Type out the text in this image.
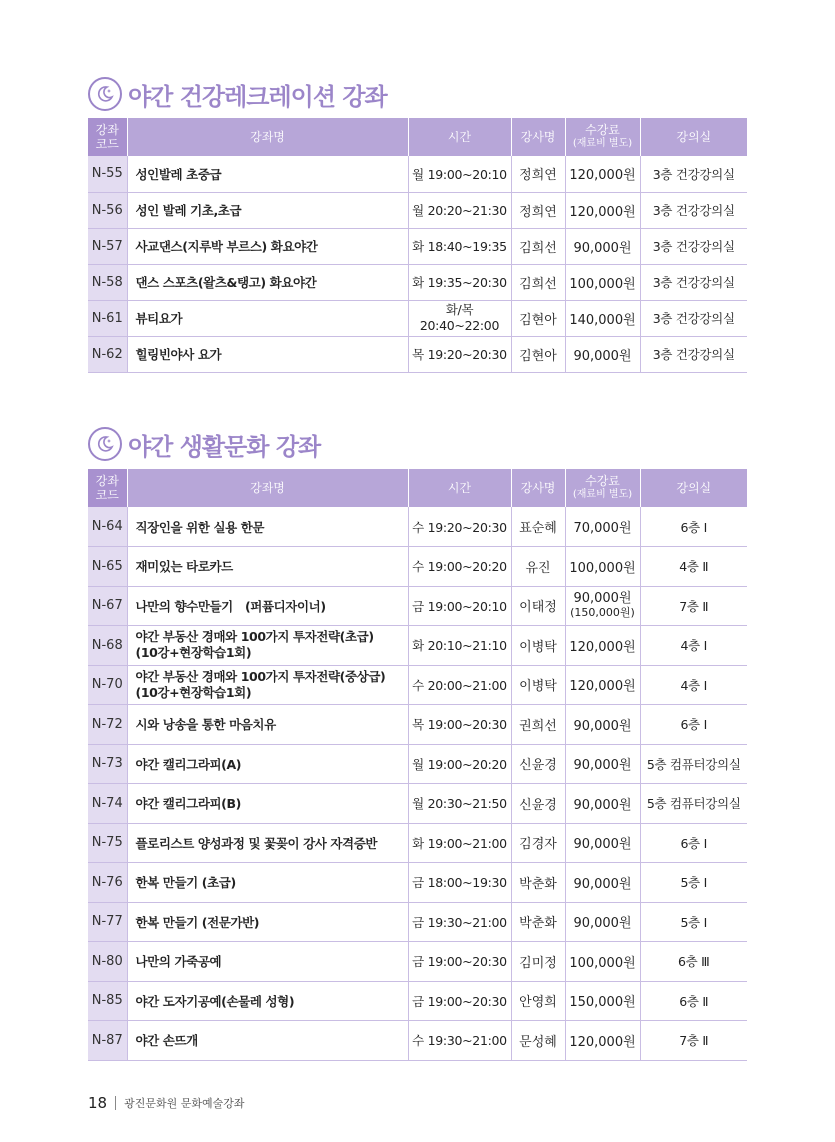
야간 건강레크레이션 강좌
강좌 코드	강좌명	시간	강사명	수강료
(재료비 별도)	강의실
N-55	성인발레 초중급	월 19:00~20:10	정희연	120,000원	3층 건강강의실
N-56	성인 발레 기초,초급	월 20:20~21:30	정희연	120,000원	3층 건강강의실
N-57	사교댄스(지루박 부르스) 화요야간	화 18:40~19:35	김희선	90,000원	3층 건강강의실
N-58	댄스 스포츠(왈츠&탱고) 화요야간	화 19:35~20:30	김희선	100,000원	3층 건강강의실
N-61	뷰티요가	화/목
20:40~22:00	김현아	140,000원	3층 건강강의실
N-62	힐링빈야사 요가	목 19:20~20:30	김현아	90,000원	3층 건강강의실
야간 생활문화 강좌
강좌 코드	강좌명	시간	강사명	수강료
(재료비 별도)	강의실
N-64	직장인을 위한 실용 한문	수 19:20~20:30	표순혜	70,000원	6층 Ⅰ
N-65	재미있는 타로카드	수 19:00~20:20	유진	100,000원	4층 Ⅱ
N-67	나만의 향수만들기　(퍼퓸디자이너)	금 19:00~20:10	이태정	90,000원
(150,000원)	7층 Ⅱ
N-68	야간 부동산 경매와 100가지 투자전략(초급)
(10강+현장학습1회)	화 20:10~21:10	이병탁	120,000원	4층 Ⅰ
N-70	야간 부동산 경매와 100가지 투자전략(중상급)
(10강+현장학습1회)	수 20:00~21:00	이병탁	120,000원	4층 Ⅰ
N-72	시와 낭송을 통한 마음치유	목 19:00~20:30	권희선	90,000원	6층 Ⅰ
N-73	야간 캘리그라피(A)	월 19:00~20:20	신윤경	90,000원	5층 컴퓨터강의실
N-74	야간 캘리그라피(B)	월 20:30~21:50	신윤경	90,000원	5층 컴퓨터강의실
N-75	플로리스트 양성과정 및 꽃꽂이 강사 자격증반	화 19:00~21:00	김경자	90,000원	6층 Ⅰ
N-76	한복 만들기 (초급)	금 18:00~19:30	박춘화	90,000원	5층 Ⅰ
N-77	한복 만들기 (전문가반)	금 19:30~21:00	박춘화	90,000원	5층 Ⅰ
N-80	나만의 가죽공예	금 19:00~20:30	김미정	100,000원	6층 Ⅲ
N-85	야간 도자기공예(손물레 성형)	금 19:00~20:30	안영희	150,000원	6층 Ⅱ
N-87	야간 손뜨개	수 19:30~21:00	문성혜	120,000원	7층 Ⅱ
18 광진문화원 문화예술강좌
